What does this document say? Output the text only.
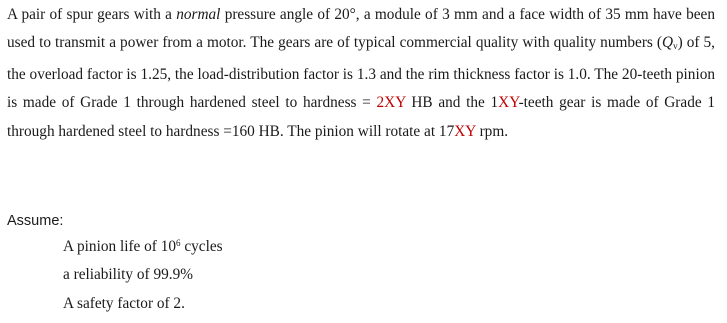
A pair of spur gears with a normal pressure angle of 20°, a module of 3 mm and a face width of 35 mm have been used to transmit a power from a motor. The gears are of typical commercial quality with quality numbers (Qv) of 5, the overload factor is 1.25, the load-distribution factor is 1.3 and the rim thickness factor is 1.0. The 20-teeth pinion is made of Grade 1 through hardened steel to hardness = 2XY HB and the 1XY-teeth gear is made of Grade 1 through hardened steel to hardness =160 HB. The pinion will rotate at 17XY rpm.
Assume:
A pinion life of $10^6$ cycles
a reliability of 99.9%
A safety factor of 2.
